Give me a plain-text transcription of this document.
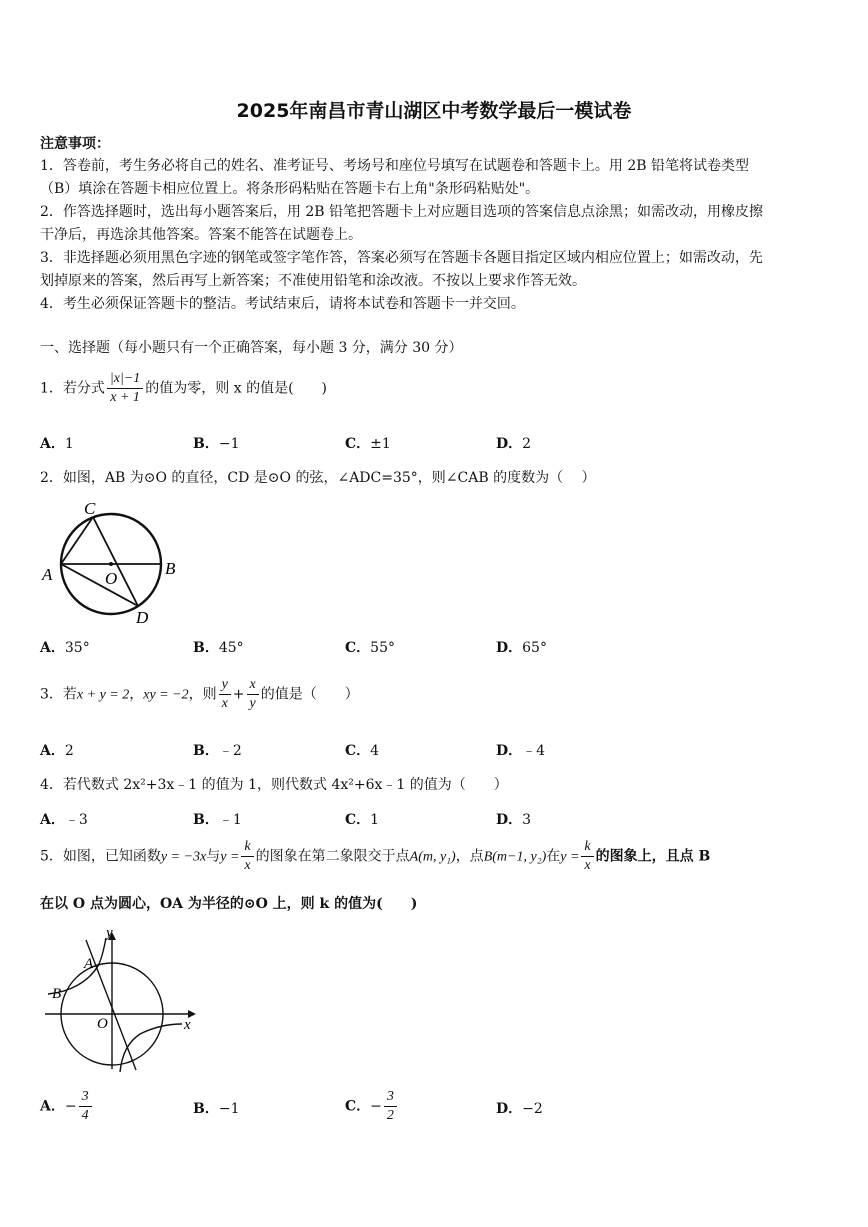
2025年南昌市青山湖区中考数学最后一模试卷
注意事项：
1．答卷前，考生务必将自己的姓名、准考证号、考场号和座位号填写在试题卷和答题卡上。用 2B 铅笔将试卷类型
（B）填涂在答题卡相应位置上。将条形码粘贴在答题卡右上角"条形码粘贴处"。
2．作答选择题时，选出每小题答案后，用 2B 铅笔把答题卡上对应题目选项的答案信息点涂黑；如需改动，用橡皮擦
干净后，再选涂其他答案。答案不能答在试题卷上。
3．非选择题必须用黑色字迹的钢笔或签字笔作答，答案必须写在答题卡各题目指定区域内相应位置上；如需改动，先
划掉原来的答案，然后再写上新答案；不准使用铅笔和涂改液。不按以上要求作答无效。
4．考生必须保证答题卡的整洁。考试结束后，请将本试卷和答题卡一并交回。
一、选择题（每小题只有一个正确答案，每小题 3 分，满分 30 分）
1．若分式 $\frac{|x|-1}{x + 1}$ 的值为零，则 x 的值是(　　)
A．1	B．−1	C．±1	D．2
2．如图，AB 为⊙O 的直径，CD 是⊙O 的弦，∠ADC=35°，则∠CAB 的度数为（　 ）
C
A	B
O
D
A．35°	B．45°	C．55°	D．65°
3．若x + y = 2，xy = −2，则 $\frac{y}{x} + \frac{x}{y}$ 的值是（　　）
A．2	B．﹣2	C．4	D．﹣4
4．若代数式 2x²+3x﹣1 的值为 1，则代数式 4x²+6x﹣1 的值为（　　）
A．﹣3	B．﹣1	C．1	D．3
5．如图，已知函数y = −3x与$y = \frac{k}{x}$ 的图象在第二象限交于点A(m, y₁)，点B(m−1, y₂)在$y = \frac{k}{x}$ 的图象上，且点 B
在以 O 点为圆心，OA 为半径的⊙O 上，则 k 的值为(　　)
y
x
A
B
O
A．− $\frac{3}{4}$	B．−1	C．− $\frac{3}{2}$	D．−2
